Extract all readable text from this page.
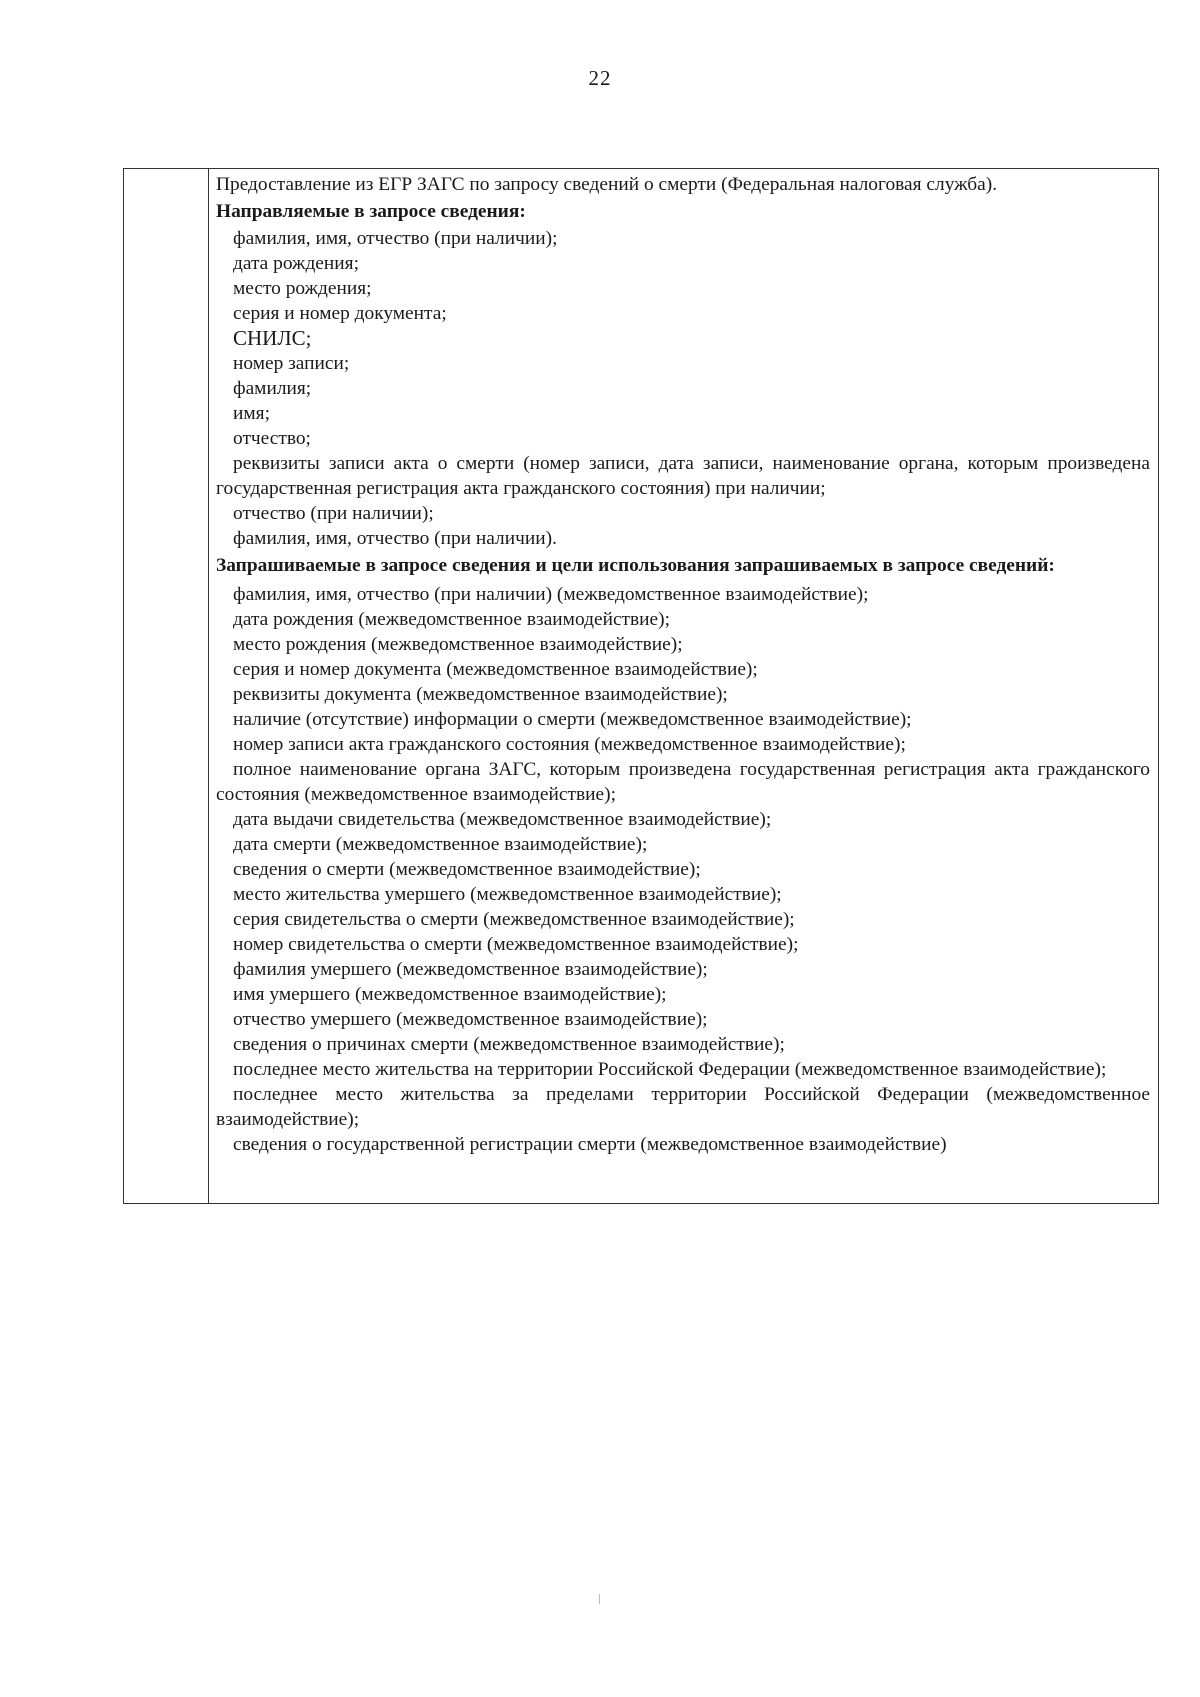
22

Предоставление из ЕГР ЗАГС по запросу сведений о смерти (Федеральная налоговая служба).

Направляемые в запросе сведения:

фамилия, имя, отчество (при наличии);

дата рождения;

место рождения;

серия и номер документа;

СНИЛС;

номер записи;

фамилия;

имя;

отчество;

реквизиты записи акта о смерти (номер записи, дата записи, наименование органа, которым произведена государственная регистрация акта гражданского состояния) при наличии;

отчество (при наличии);

фамилия, имя, отчество (при наличии).

Запрашиваемые в запросе сведения и цели использования запрашиваемых в запросе сведений:

фамилия, имя, отчество (при наличии) (межведомственное взаимодействие);

дата рождения (межведомственное взаимодействие);

место рождения (межведомственное взаимодействие);

серия и номер документа (межведомственное взаимодействие);

реквизиты документа (межведомственное взаимодействие);

наличие (отсутствие) информации о смерти (межведомственное взаимодействие);

номер записи акта гражданского состояния (межведомственное взаимодействие);

полное наименование органа ЗАГС, которым произведена государственная регистрация акта гражданского состояния (межведомственное взаимодействие);

дата выдачи свидетельства (межведомственное взаимодействие);

дата смерти (межведомственное взаимодействие);

сведения о смерти (межведомственное взаимодействие);

место жительства умершего (межведомственное взаимодействие);

серия свидетельства о смерти (межведомственное взаимодействие);

номер свидетельства о смерти (межведомственное взаимодействие);

фамилия умершего (межведомственное взаимодействие);

имя умершего (межведомственное взаимодействие);

отчество умершего (межведомственное взаимодействие);

сведения о причинах смерти (межведомственное взаимодействие);

последнее место жительства на территории Российской Федерации (межведомственное взаимодействие);

последнее место жительства за пределами территории Российской Федерации (межведомственное взаимодействие);

сведения о государственной регистрации смерти (межведомственное взаимодействие)
